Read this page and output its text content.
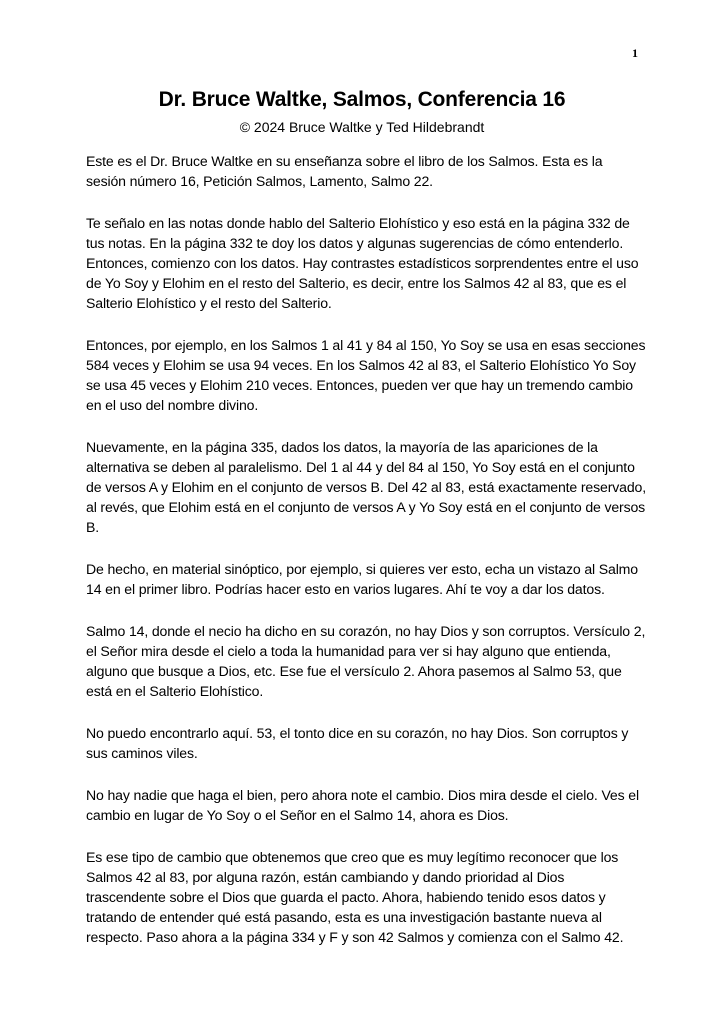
1
Dr. Bruce Waltke, Salmos, Conferencia 16
© 2024 Bruce Waltke y Ted Hildebrandt

Este es el Dr. Bruce Waltke en su enseñanza sobre el libro de los Salmos. Esta es la sesión número 16, Petición Salmos, Lamento, Salmo 22.

Te señalo en las notas donde hablo del Salterio Elohístico y eso está en la página 332 de tus notas. En la página 332 te doy los datos y algunas sugerencias de cómo entenderlo. Entonces, comienzo con los datos. Hay contrastes estadísticos sorprendentes entre el uso de Yo Soy y Elohim en el resto del Salterio, es decir, entre los Salmos 42 al 83, que es el Salterio Elohístico y el resto del Salterio.

Entonces, por ejemplo, en los Salmos 1 al 41 y 84 al 150, Yo Soy se usa en esas secciones 584 veces y Elohim se usa 94 veces. En los Salmos 42 al 83, el Salterio Elohístico Yo Soy se usa 45 veces y Elohim 210 veces. Entonces, pueden ver que hay un tremendo cambio en el uso del nombre divino.

Nuevamente, en la página 335, dados los datos, la mayoría de las apariciones de la alternativa se deben al paralelismo. Del 1 al 44 y del 84 al 150, Yo Soy está en el conjunto de versos A y Elohim en el conjunto de versos B. Del 42 al 83, está exactamente reservado, al revés, que Elohim está en el conjunto de versos A y Yo Soy está en el conjunto de versos B.

De hecho, en material sinóptico, por ejemplo, si quieres ver esto, echa un vistazo al Salmo 14 en el primer libro. Podrías hacer esto en varios lugares. Ahí te voy a dar los datos.

Salmo 14, donde el necio ha dicho en su corazón, no hay Dios y son corruptos. Versículo 2, el Señor mira desde el cielo a toda la humanidad para ver si hay alguno que entienda, alguno que busque a Dios, etc. Ese fue el versículo 2. Ahora pasemos al Salmo 53, que está en el Salterio Elohístico.

No puedo encontrarlo aquí. 53, el tonto dice en su corazón, no hay Dios. Son corruptos y sus caminos viles.

No hay nadie que haga el bien, pero ahora note el cambio. Dios mira desde el cielo. Ves el cambio en lugar de Yo Soy o el Señor en el Salmo 14, ahora es Dios.

Es ese tipo de cambio que obtenemos que creo que es muy legítimo reconocer que los Salmos 42 al 83, por alguna razón, están cambiando y dando prioridad al Dios trascendente sobre el Dios que guarda el pacto. Ahora, habiendo tenido esos datos y tratando de entender qué está pasando, esta es una investigación bastante nueva al respecto. Paso ahora a la página 334 y F y son 42 Salmos y comienza con el Salmo 42.
